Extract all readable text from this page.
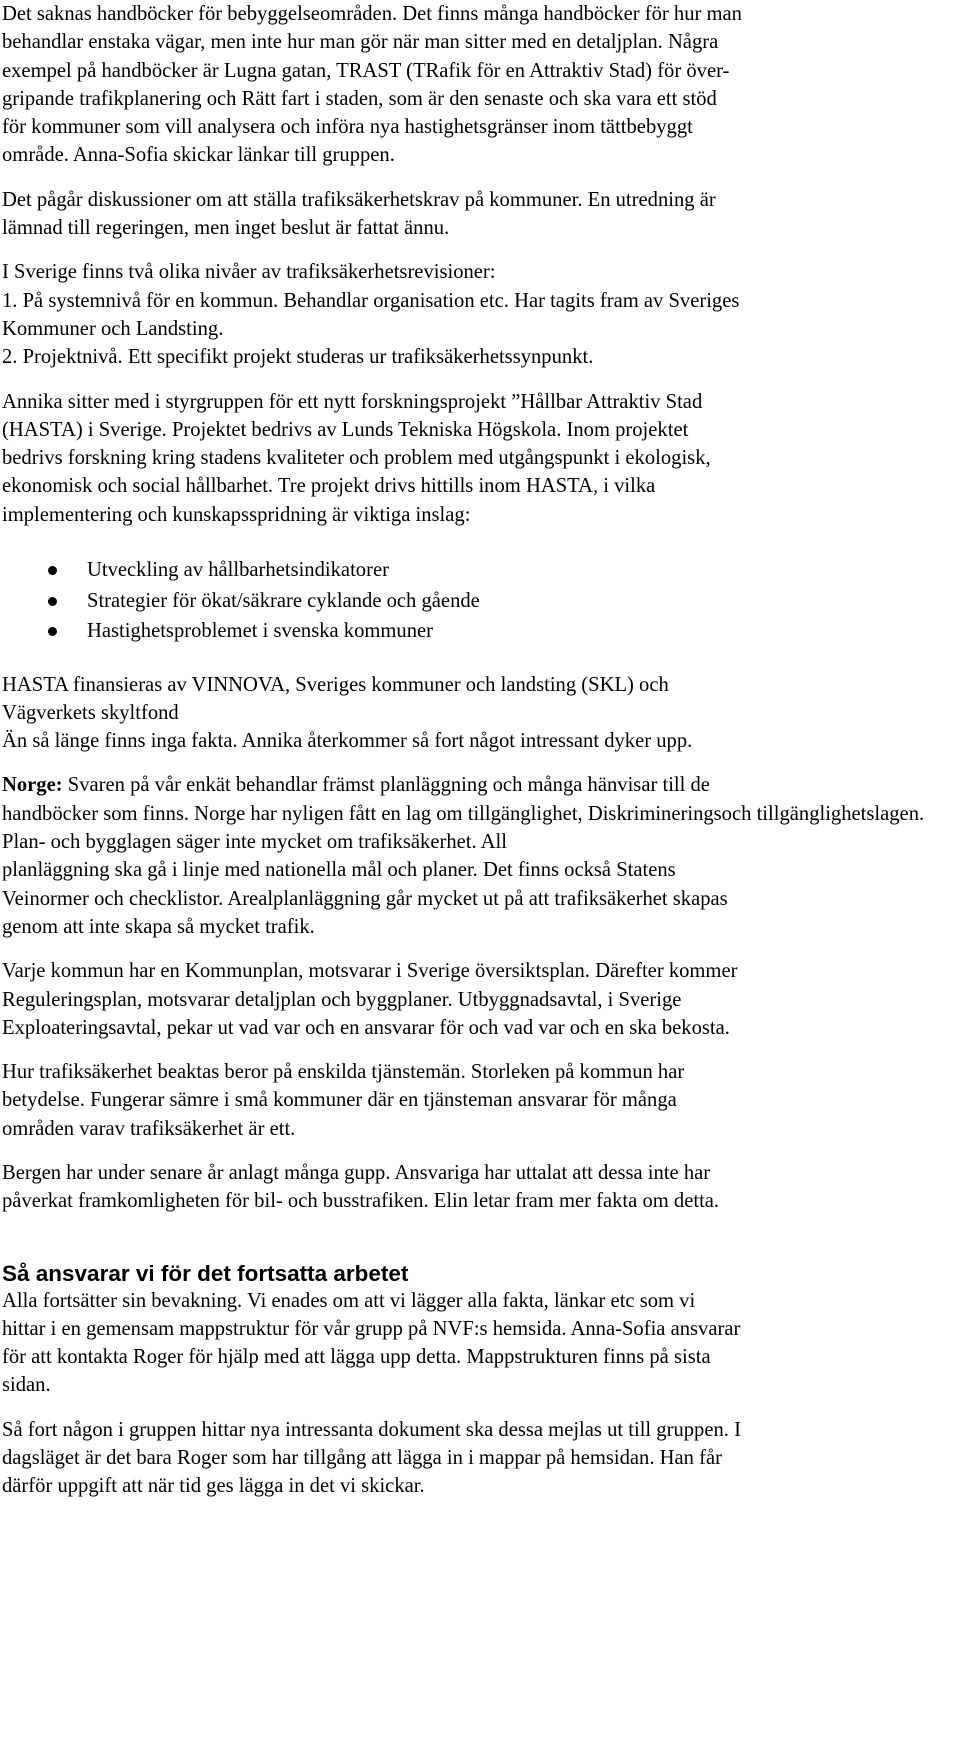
Det saknas handböcker för bebyggelseområden. Det finns många handböcker för hur man
behandlar enstaka vägar, men inte hur man gör när man sitter med en detaljplan. Några
exempel på handböcker är Lugna gatan, TRAST (TRafik för en Attraktiv Stad) för över-
gripande trafikplanering och Rätt fart i staden, som är den senaste och ska vara ett stöd
för kommuner som vill analysera och införa nya hastighetsgränser inom tättbebyggt
område. Anna-Sofia skickar länkar till gruppen.

Det pågår diskussioner om att ställa trafiksäkerhetskrav på kommuner. En utredning är
lämnad till regeringen, men inget beslut är fattat ännu.

I Sverige finns två olika nivåer av trafiksäkerhetsrevisioner:
1. På systemnivå för en kommun. Behandlar organisation etc. Har tagits fram av Sveriges
Kommuner och Landsting.
2. Projektnivå. Ett specifikt projekt studeras ur trafiksäkerhetssynpunkt.

Annika sitter med i styrgruppen för ett nytt forskningsprojekt ”Hållbar Attraktiv Stad
(HASTA) i Sverige. Projektet bedrivs av Lunds Tekniska Högskola. Inom projektet
bedrivs forskning kring stadens kvaliteter och problem med utgångspunkt i ekologisk,
ekonomisk och social hållbarhet. Tre projekt drivs hittills inom HASTA, i vilka
implementering och kunskapsspridning är viktiga inslag:

Utveckling av hållbarhetsindikatorer
Strategier för ökat/säkrare cyklande och gående
Hastighetsproblemet i svenska kommuner

HASTA finansieras av VINNOVA, Sveriges kommuner och landsting (SKL) och
Vägverkets skyltfond
Än så länge finns inga fakta. Annika återkommer så fort något intressant dyker upp.

Norge: Svaren på vår enkät behandlar främst planläggning och många hänvisar till de
handböcker som finns. Norge har nyligen fått en lag om tillgänglighet, Diskrimineringsoch tillgänglighetslagen. Plan- och bygglagen säger inte mycket om trafiksäkerhet. All
planläggning ska gå i linje med nationella mål och planer. Det finns också Statens
Veinormer och checklistor. Arealplanläggning går mycket ut på att trafiksäkerhet skapas
genom att inte skapa så mycket trafik.

Varje kommun har en Kommunplan, motsvarar i Sverige översiktsplan. Därefter kommer
Reguleringsplan, motsvarar detaljplan och byggplaner. Utbyggnadsavtal, i Sverige
Exploateringsavtal, pekar ut vad var och en ansvarar för och vad var och en ska bekosta.

Hur trafiksäkerhet beaktas beror på enskilda tjänstemän. Storleken på kommun har
betydelse. Fungerar sämre i små kommuner där en tjänsteman ansvarar för många
områden varav trafiksäkerhet är ett.

Bergen har under senare år anlagt många gupp. Ansvariga har uttalat att dessa inte har
påverkat framkomligheten för bil- och busstrafiken. Elin letar fram mer fakta om detta.

Så ansvarar vi för det fortsatta arbetet

Alla fortsätter sin bevakning. Vi enades om att vi lägger alla fakta, länkar etc som vi
hittar i en gemensam mappstruktur för vår grupp på NVF:s hemsida. Anna-Sofia ansvarar
för att kontakta Roger för hjälp med att lägga upp detta. Mappstrukturen finns på sista
sidan.

Så fort någon i gruppen hittar nya intressanta dokument ska dessa mejlas ut till gruppen. I
dagsläget är det bara Roger som har tillgång att lägga in i mappar på hemsidan. Han får
därför uppgift att när tid ges lägga in det vi skickar.
